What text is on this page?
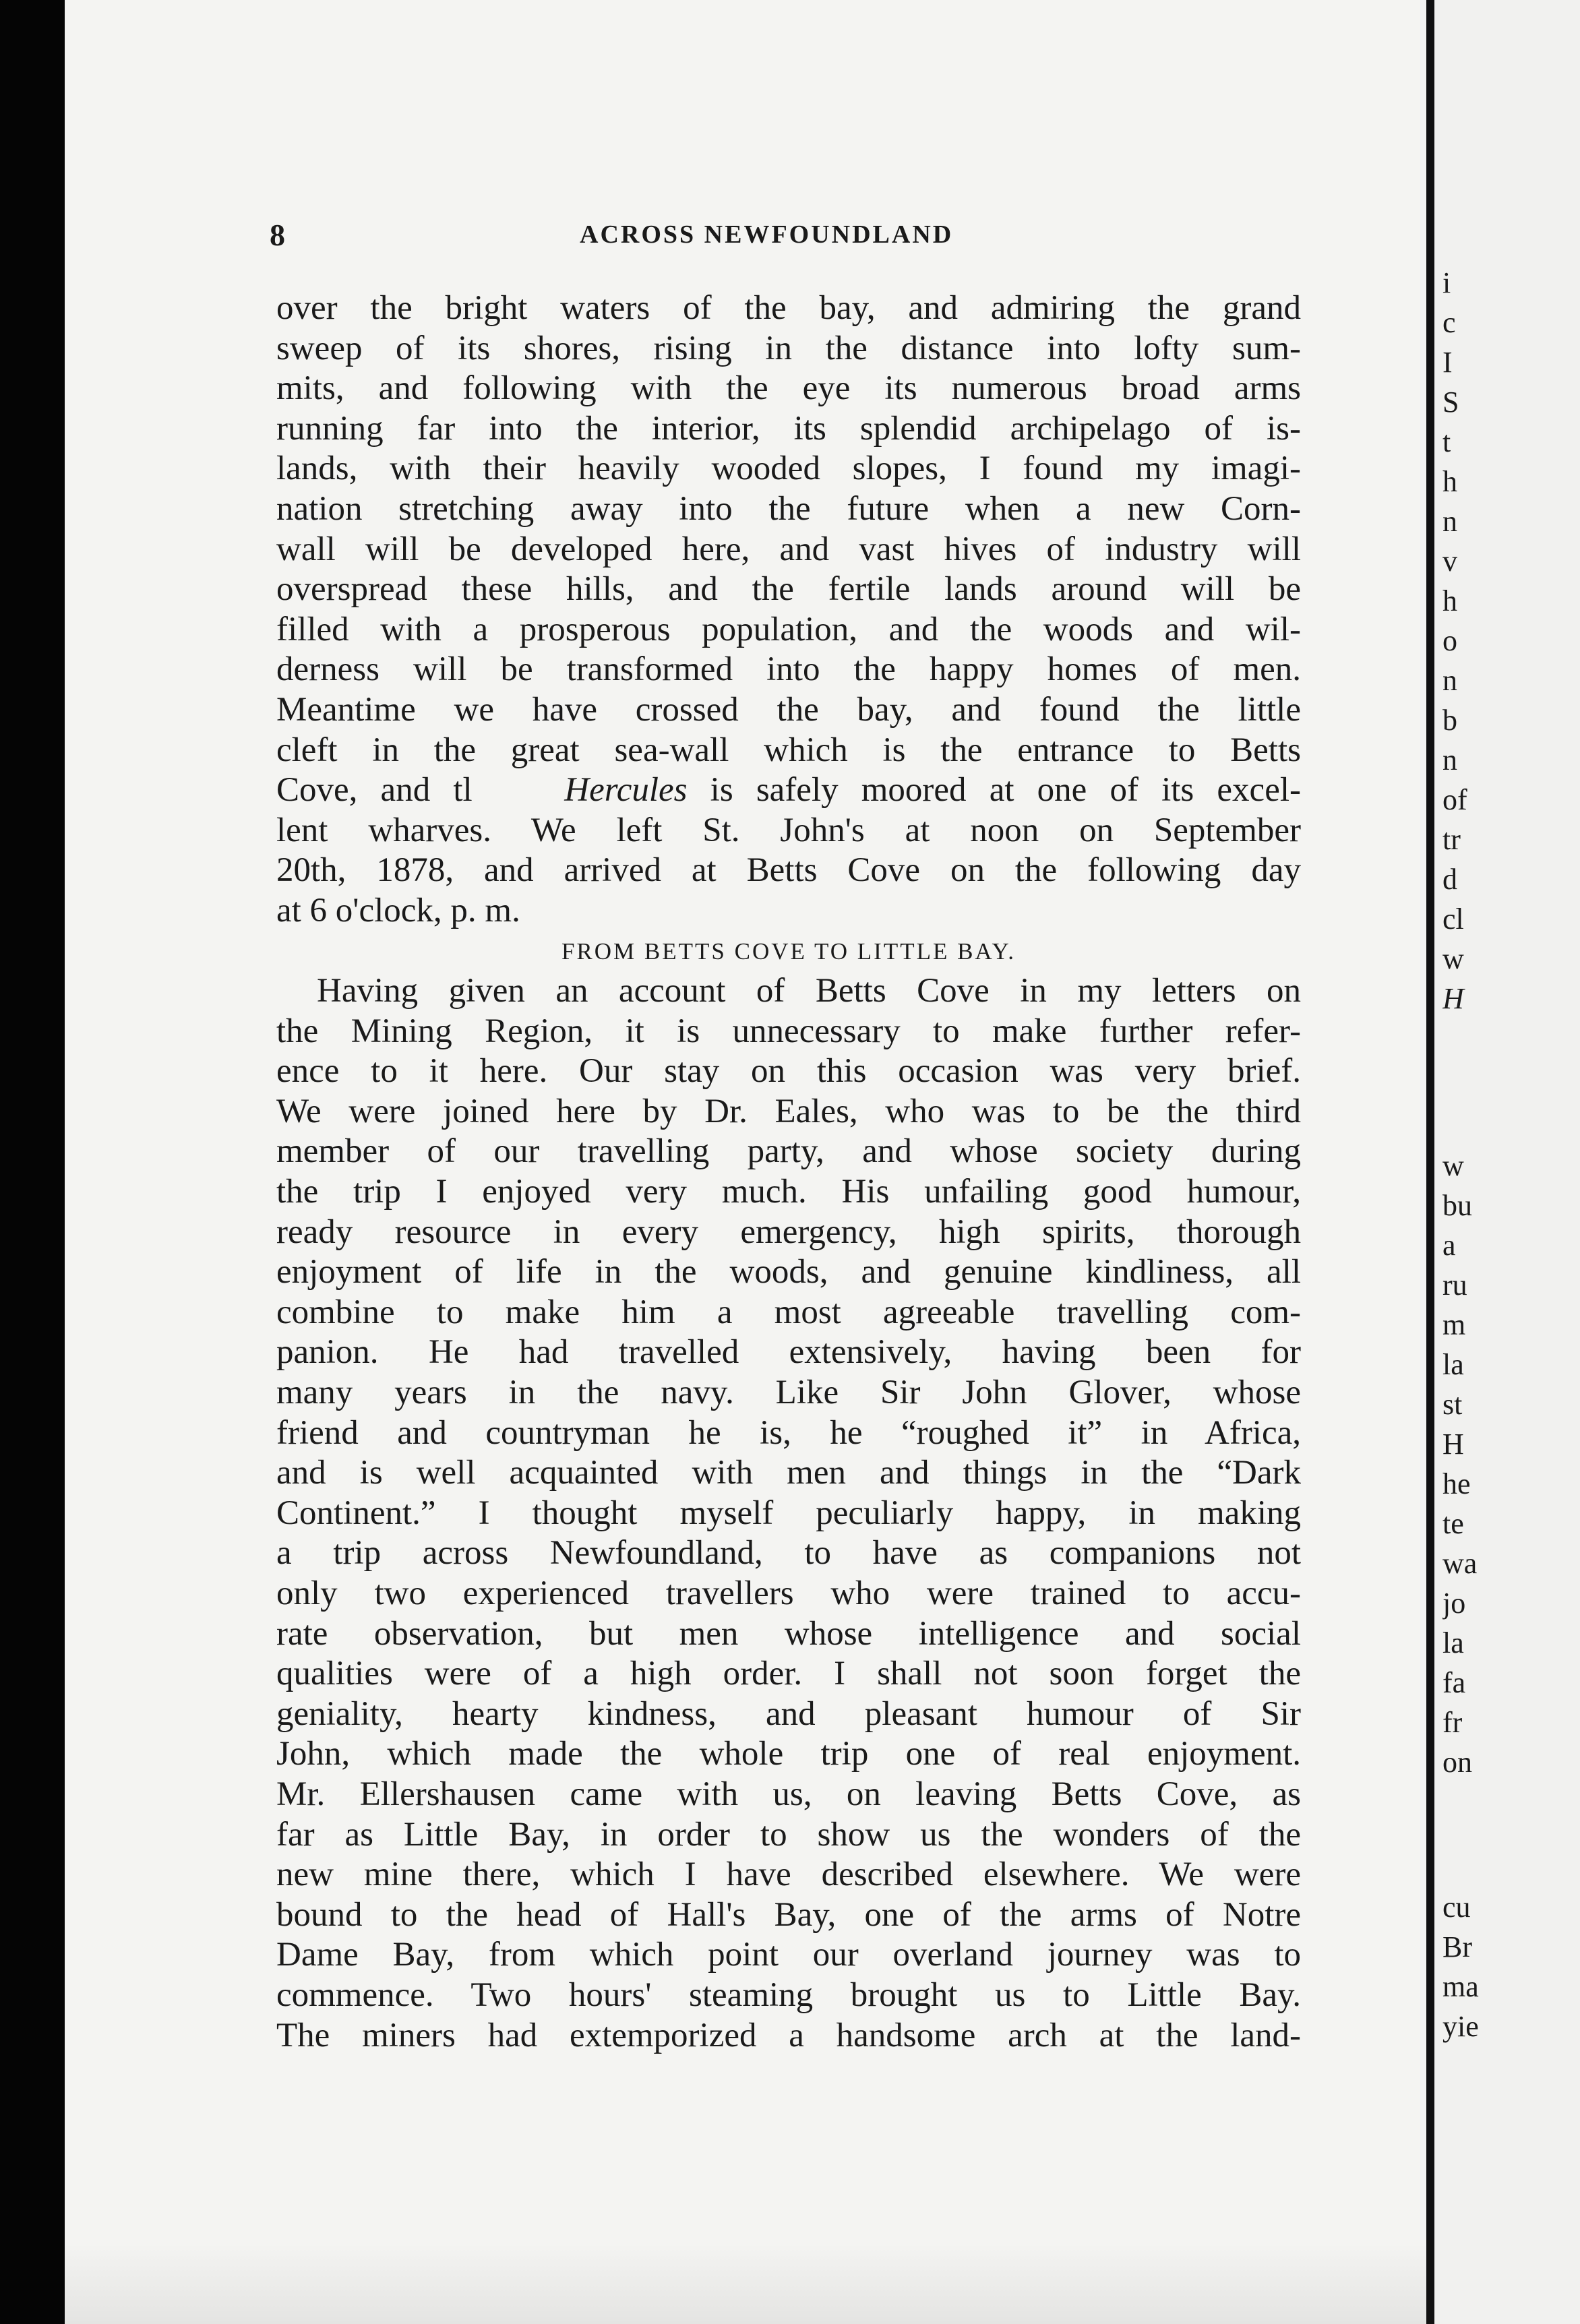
8	ACROSS NEWFOUNDLAND
over the bright waters of the bay, and admiring the grand
sweep of its shores, rising in the distance into lofty sum-
mits, and following with the eye its numerous broad arms
running far into the interior, its splendid archipelago of is-
lands, with their heavily wooded slopes, I found my imagi-
nation stretching away into the future when a new Corn-
wall will be developed here, and vast hives of industry will
overspread these hills, and the fertile lands around will be
filled with a prosperous population, and the woods and wil-
derness will be transformed into the happy homes of men.
Meantime we have crossed the bay, and found the little
cleft in the great sea-wall which is the entrance to Betts
Cove, and tl	Hercules is safely moored at one of its excel-
lent wharves. We left St. John's at noon on September
20th, 1878, and arrived at Betts Cove on the following day
at 6 o'clock, p. m.
FROM BETTS COVE TO LITTLE BAY.
Having given an account of Betts Cove in my letters on
the Mining Region, it is unnecessary to make further refer-
ence to it here. Our stay on this occasion was very brief.
We were joined here by Dr. Eales, who was to be the third
member of our travelling party, and whose society during
the trip I enjoyed very much. His unfailing good humour,
ready resource in every emergency, high spirits, thorough
enjoyment of life in the woods, and genuine kindliness, all
combine to make him a most agreeable travelling com-
panion. He had travelled extensively, having been for
many years in the navy. Like Sir John Glover, whose
friend and countryman he is, he “roughed it” in Africa,
and is well acquainted with men and things in the “Dark
Continent.” I thought myself peculiarly happy, in making
a trip across Newfoundland, to have as companions not
only two experienced travellers who were trained to accu-
rate observation, but men whose intelligence and social
qualities were of a high order. I shall not soon forget the
geniality, hearty kindness, and pleasant humour of Sir
John, which made the whole trip one of real enjoyment.
Mr. Ellershausen came with us, on leaving Betts Cove, as
far as Little Bay, in order to show us the wonders of the
new mine there, which I have described elsewhere. We were
bound to the head of Hall's Bay, one of the arms of Notre
Dame Bay, from which point our overland journey was to
commence. Two hours' steaming brought us to Little Bay.
The miners had extemporized a handsome arch at the land-
i
c
I
S
t
h
n
v
h
o
n
b
n
of
tr
d
cl
w
H
w
bu
a
ru
m
la
st
H
he
te
wa
jo
la
fa
fr
on
cu
Br
ma
yie
